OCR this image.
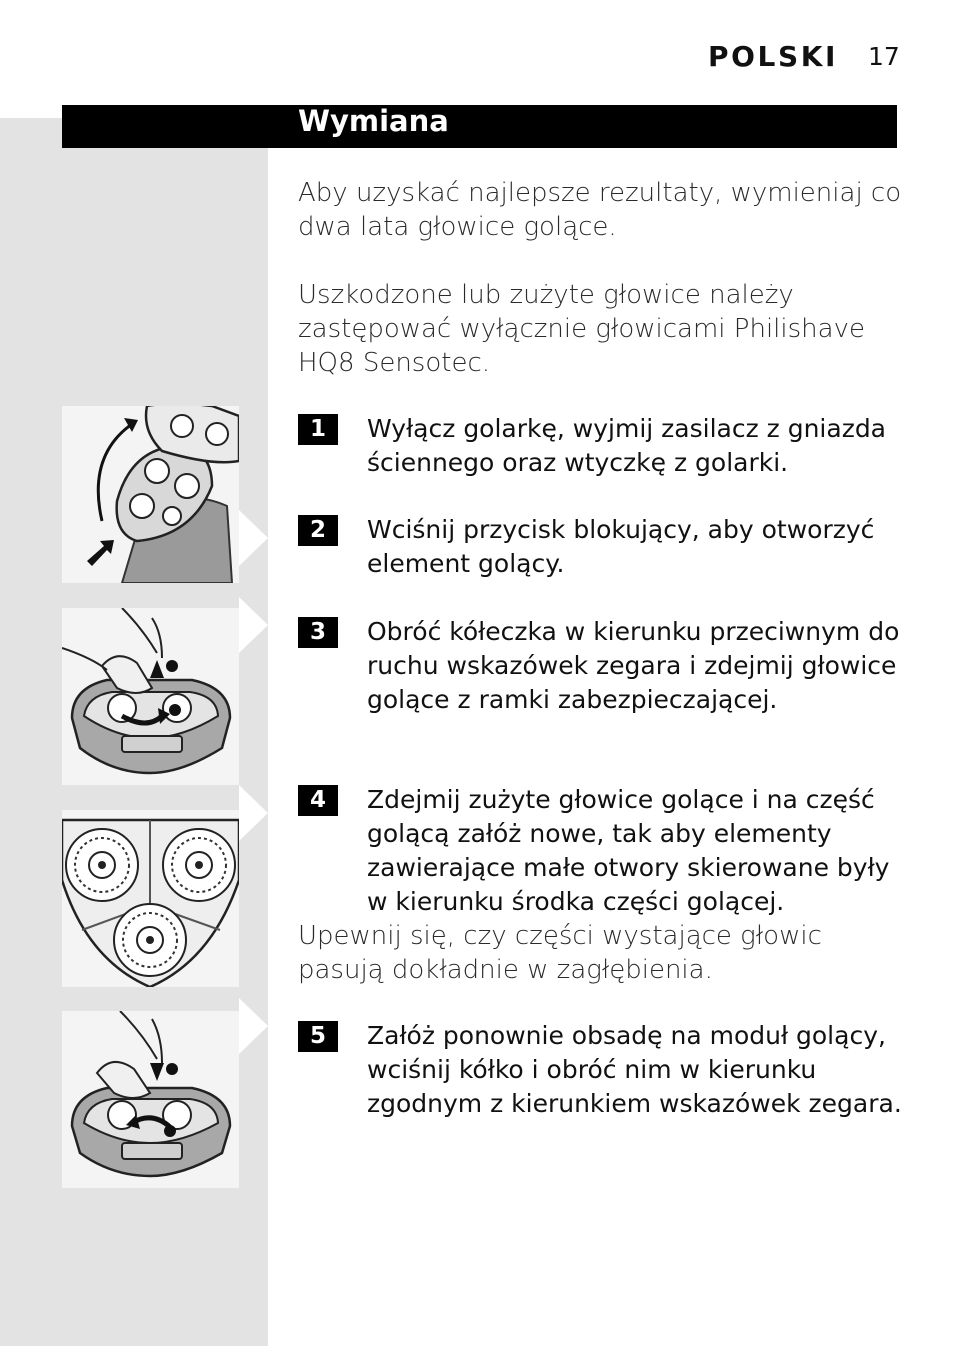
POLSKI 17
Wymiana

Aby uzyskać najlepsze rezultaty, wymieniaj co dwa lata głowice golące.

Uszkodzone lub zużyte głowice należy zastępować wyłącznie głowicami Philishave HQ8 Sensotec.

1	Wyłącz golarkę, wyjmij zasilacz z gniazda ściennego oraz wtyczkę z golarki.

2	Wciśnij przycisk blokujący, aby otworzyć element golący.

3	Obróć kółeczka w kierunku przeciwnym do ruchu wskazówek zegara i zdejmij głowice golące z ramki zabezpieczającej.

4	Zdejmij zużyte głowice golące i na część golącą załóż nowe, tak aby elementy zawierające małe otwory skierowane były w kierunku środka części golącej.

Upewnij się, czy części wystające głowic pasują dokładnie w zagłębienia.

5	Załóż ponownie obsadę na moduł golący, wciśnij kółko i obróć nim w kierunku zgodnym z kierunkiem wskazówek zegara.
